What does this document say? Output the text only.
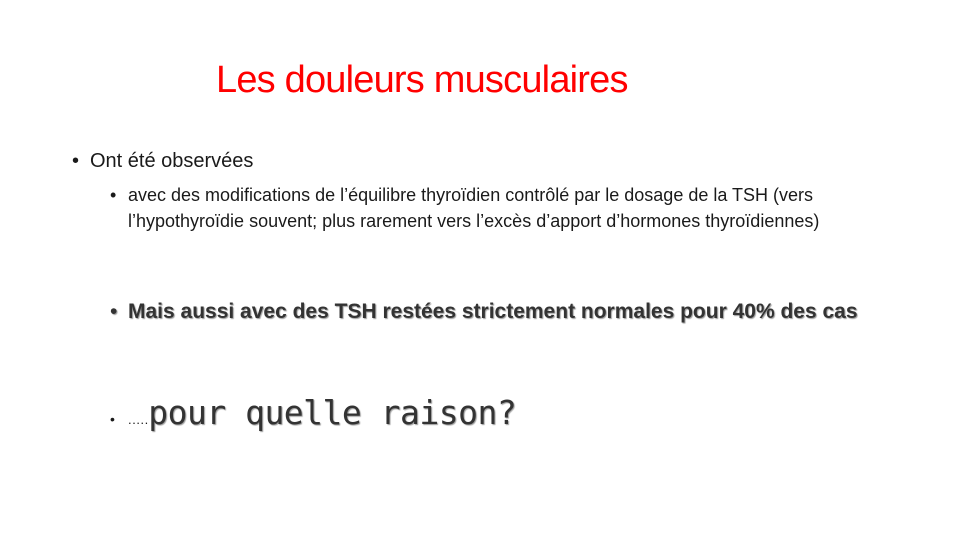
Les douleurs musculaires
• Ont été observées
• avec des modifications de l’équilibre thyroïdien contrôlé par le dosage de la TSH (vers l’hypothyroïdie souvent; plus rarement vers l’excès d’apport d’hormones thyroïdiennes)
• Mais aussi avec des TSH restées strictement normales pour 40% des cas
•	.…. pour quelle raison?
